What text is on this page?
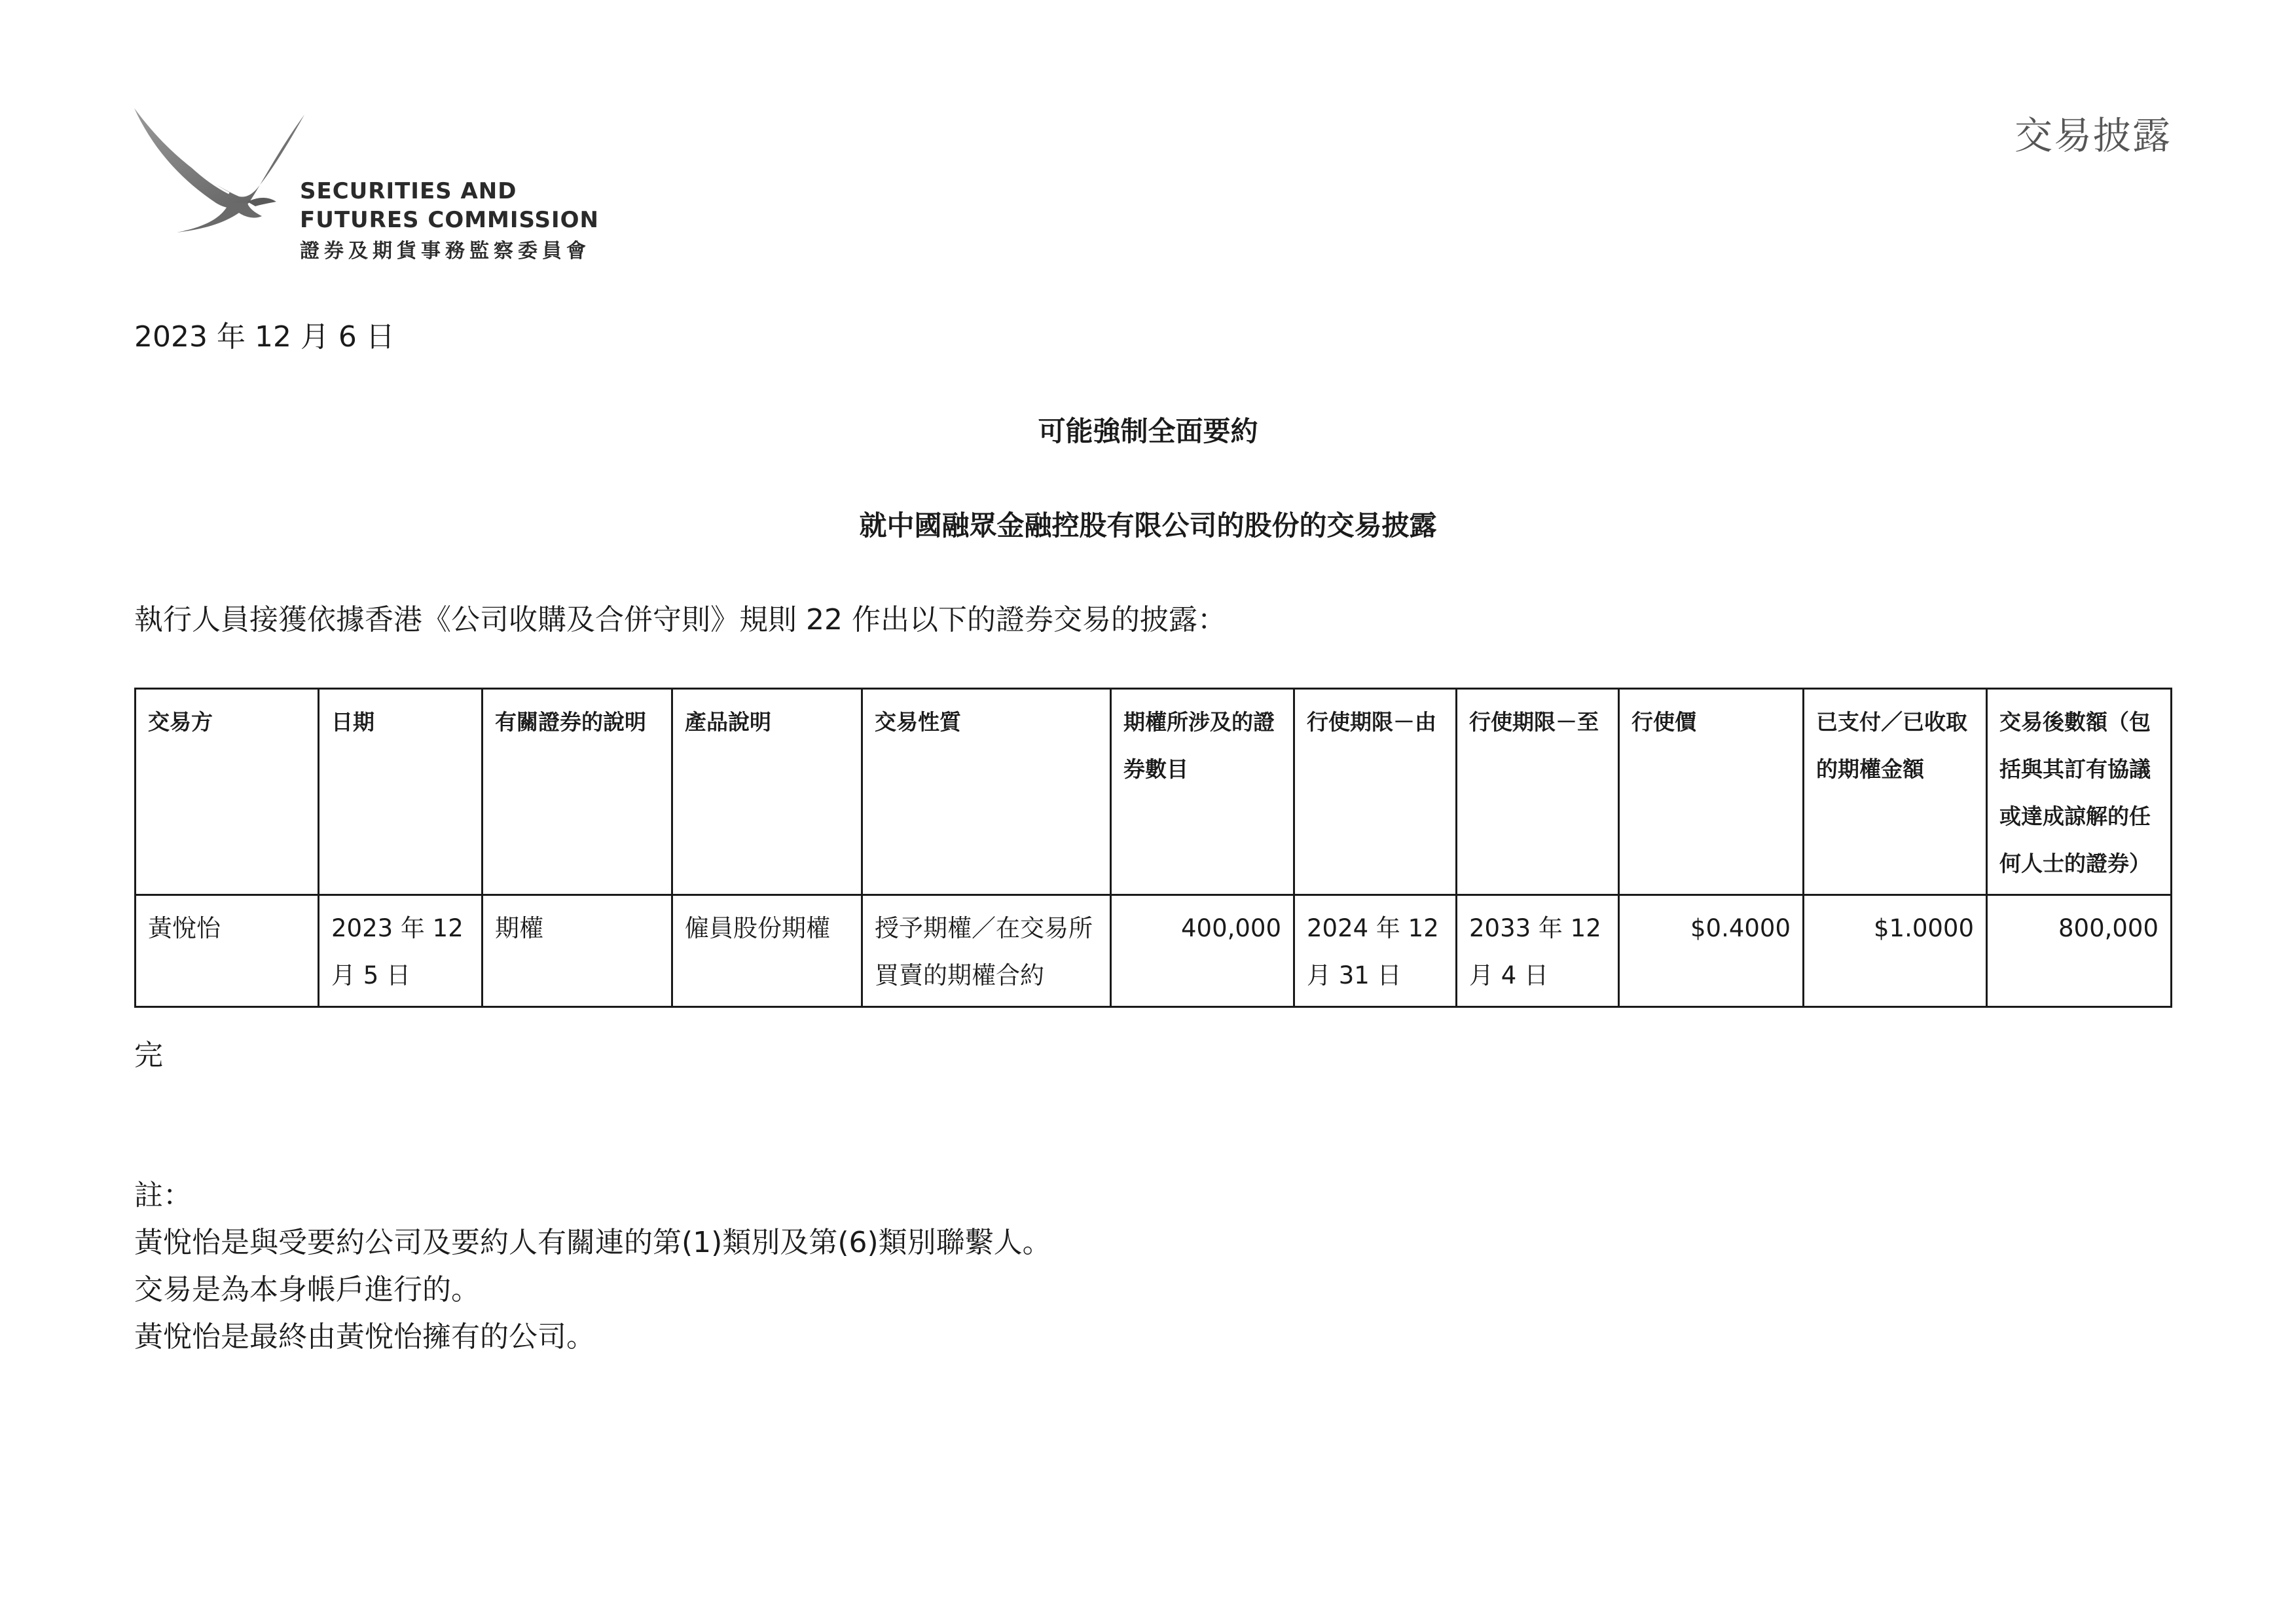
SECURITIES AND
FUTURES COMMISSION
證券及期貨事務監察委員會
交易披露
2023 年 12 月 6 日
可能強制全面要約
就中國融眾金融控股有限公司的股份的交易披露
執行人員接獲依據香港《公司收購及合併守則》規則 22 作出以下的證券交易的披露：
交易方	日期	有關證券的說明	產品說明	交易性質	期權所涉及的證券數目	行使期限－由	行使期限－至	行使價	已支付／已收取的期權金額	交易後數額（包括與其訂有協議或達成諒解的任何人士的證券）
黃悅怡	2023 年 12 月 5 日	期權	僱員股份期權	授予期權／在交易所買賣的期權合約	400,000	2024 年 12 月 31 日	2033 年 12 月 4 日	$0.4000	$1.0000	800,000
完
註：
黃悅怡是與受要約公司及要約人有關連的第(1)類別及第(6)類別聯繫人。
交易是為本身帳戶進行的。
黃悅怡是最終由黃悅怡擁有的公司。
